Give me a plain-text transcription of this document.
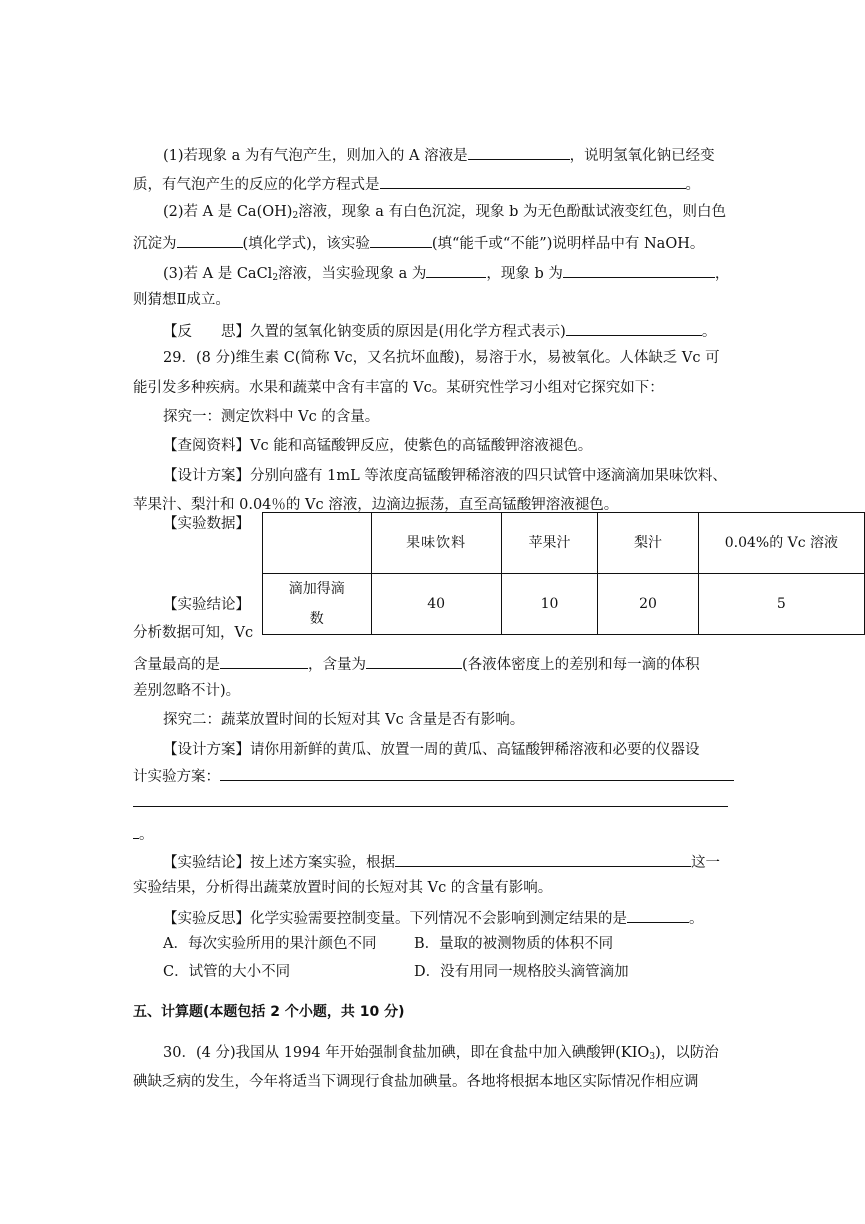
(1)若现象 a 为有气泡产生，则加入的 A 溶液是	，说明氢氧化钠已经变
质，有气泡产生的反应的化学方程式是	。
(2)若 A 是 $Ca(OH)_2$溶液，现象 a 有白色沉淀，现象 b 为无色酚酞试液变红色，则白色
沉淀为	(填化学式)，该实验	(填“能千或“不能”)说明样品中有 NaOH。
(3)若 A 是 CaCl$_2$溶液，当实验现象 a 为	，现象 b 为	，
则猜想Ⅱ成立。
【反　　思】久置的氢氧化钠变质的原因是(用化学方程式表示)	。
29．(8 分)维生素 C(简称 Vc，又名抗坏血酸)，易溶于水，易被氧化。人体缺乏 Vc 可
能引发多种疾病。水果和蔬菜中含有丰富的 Vc。某研究性学习小组对它探究如下：
探究一：测定饮料中 Vc 的含量。
【查阅资料】Vc 能和高锰酸钾反应，使紫色的高锰酸钾溶液褪色。
【设计方案】分别向盛有 1mL 等浓度高锰酸钾稀溶液的四只试管中逐滴滴加果味饮料、
苹果汁、梨汁和 0.04％的 Vc 溶液，边滴边振荡，直至高锰酸钾溶液褪色。
【实验数据】
	果味饮料	苹果汁	梨汁	0.04%的 Vc 溶液
滴加得滴数	40	10	20	5
【实验结论】
分析数据可知，Vc
含量最高的是	，含量为	(各液体密度上的差别和每一滴的体积
差别忽略不计)。
探究二：蔬菜放置时间的长短对其 Vc 含量是否有影响。
【设计方案】请你用新鲜的黄瓜、放置一周的黄瓜、高锰酸钾稀溶液和必要的仪器设
计实验方案：
。
【实验结论】按上述方案实验，根据	这一
实验结果，分析得出蔬菜放置时间的长短对其 Vc 的含量有影响。
【实验反思】化学实验需要控制变量。下列情况不会影响到测定结果的是	。
A．每次实验所用的果汁颜色不同	B．量取的被测物质的体积不同
C．试管的大小不同	D．没有用同一规格胶头滴管滴加
五、计算题(本题包括 2 个小题，共 10 分)
30．(4 分)我国从 1994 年开始强制食盐加碘，即在食盐中加入碘酸钾$(KIO_3)$，以防治
碘缺乏病的发生，今年将适当下调现行食盐加碘量。各地将根据本地区实际情况作相应调
